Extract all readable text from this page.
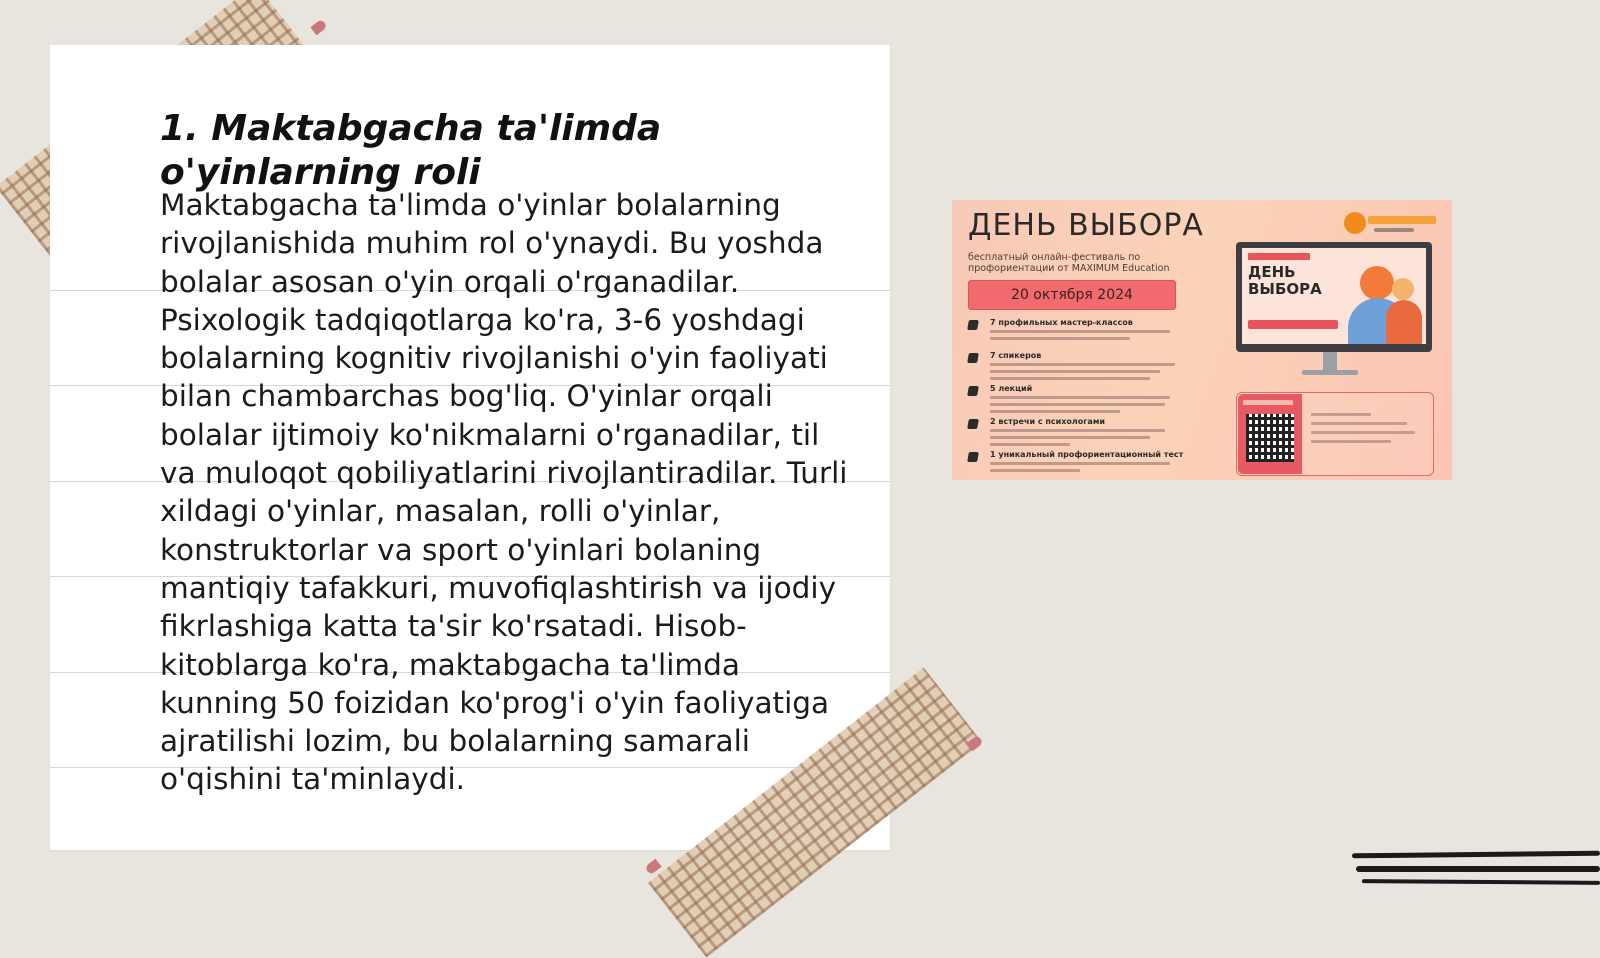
1. Maktabgacha ta'limda o'yinlarning roli

Maktabgacha ta'limda o'yinlar bolalarning rivojlanishida muhim rol o'ynaydi. Bu yoshda bolalar asosan o'yin orqali o'rganadilar. Psixologik tadqiqotlarga ko'ra, 3-6 yoshdagi bolalarning kognitiv rivojlanishi o'yin faoliyati bilan chambarchas bog'liq. O'yinlar orqali bolalar ijtimoiy ko'nikmalarni o'rganadilar, til va muloqot qobiliyatlarini rivojlantiradilar. Turli xildagi o'yinlar, masalan, rolli o'yinlar, konstruktorlar va sport o'yinlari bolaning mantiqiy tafakkuri, muvofiqlashtirish va ijodiy fikrlashiga katta ta'sir ko'rsatadi. Hisob-kitoblarga ko'ra, maktabgacha ta'limda kunning 50 foizidan ko'prog'i o'yin faoliyatiga ajratilishi lozim, bu bolalarning samarali o'qishini ta'minlaydi.

ДЕНЬ ВЫБОРА
бесплатный онлайн-фестиваль по профориентации от MAXIMUM Education
20 октября 2024
7 профильных мастер-классов
7 спикеров
5 лекций
2 встречи с психологами
1 уникальный профориентационный тест
ДЕНЬ ВЫБОРА
